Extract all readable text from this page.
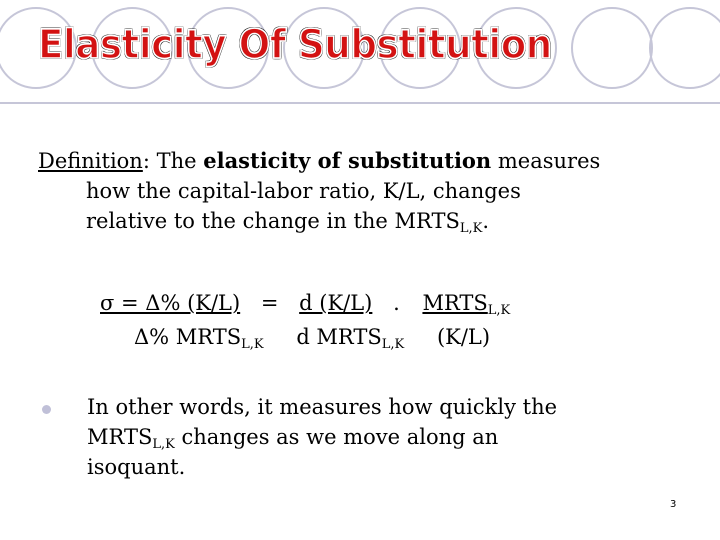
Elasticity Of Substitution
Definition: The elasticity of substitution measures
how the capital-labor ratio, K/L, changes
relative to the change in the $MRTS_{L,K}$.
σ = Δ% (K/L) = d (K/L) . $MRTS_{L,K}$
Δ% $MRTS_{L,K}$ d $MRTS_{L,K}$ (K/L)
In other words, it measures how quickly the
$MRTS_{L,K}$ changes as we move along an
isoquant.
3
